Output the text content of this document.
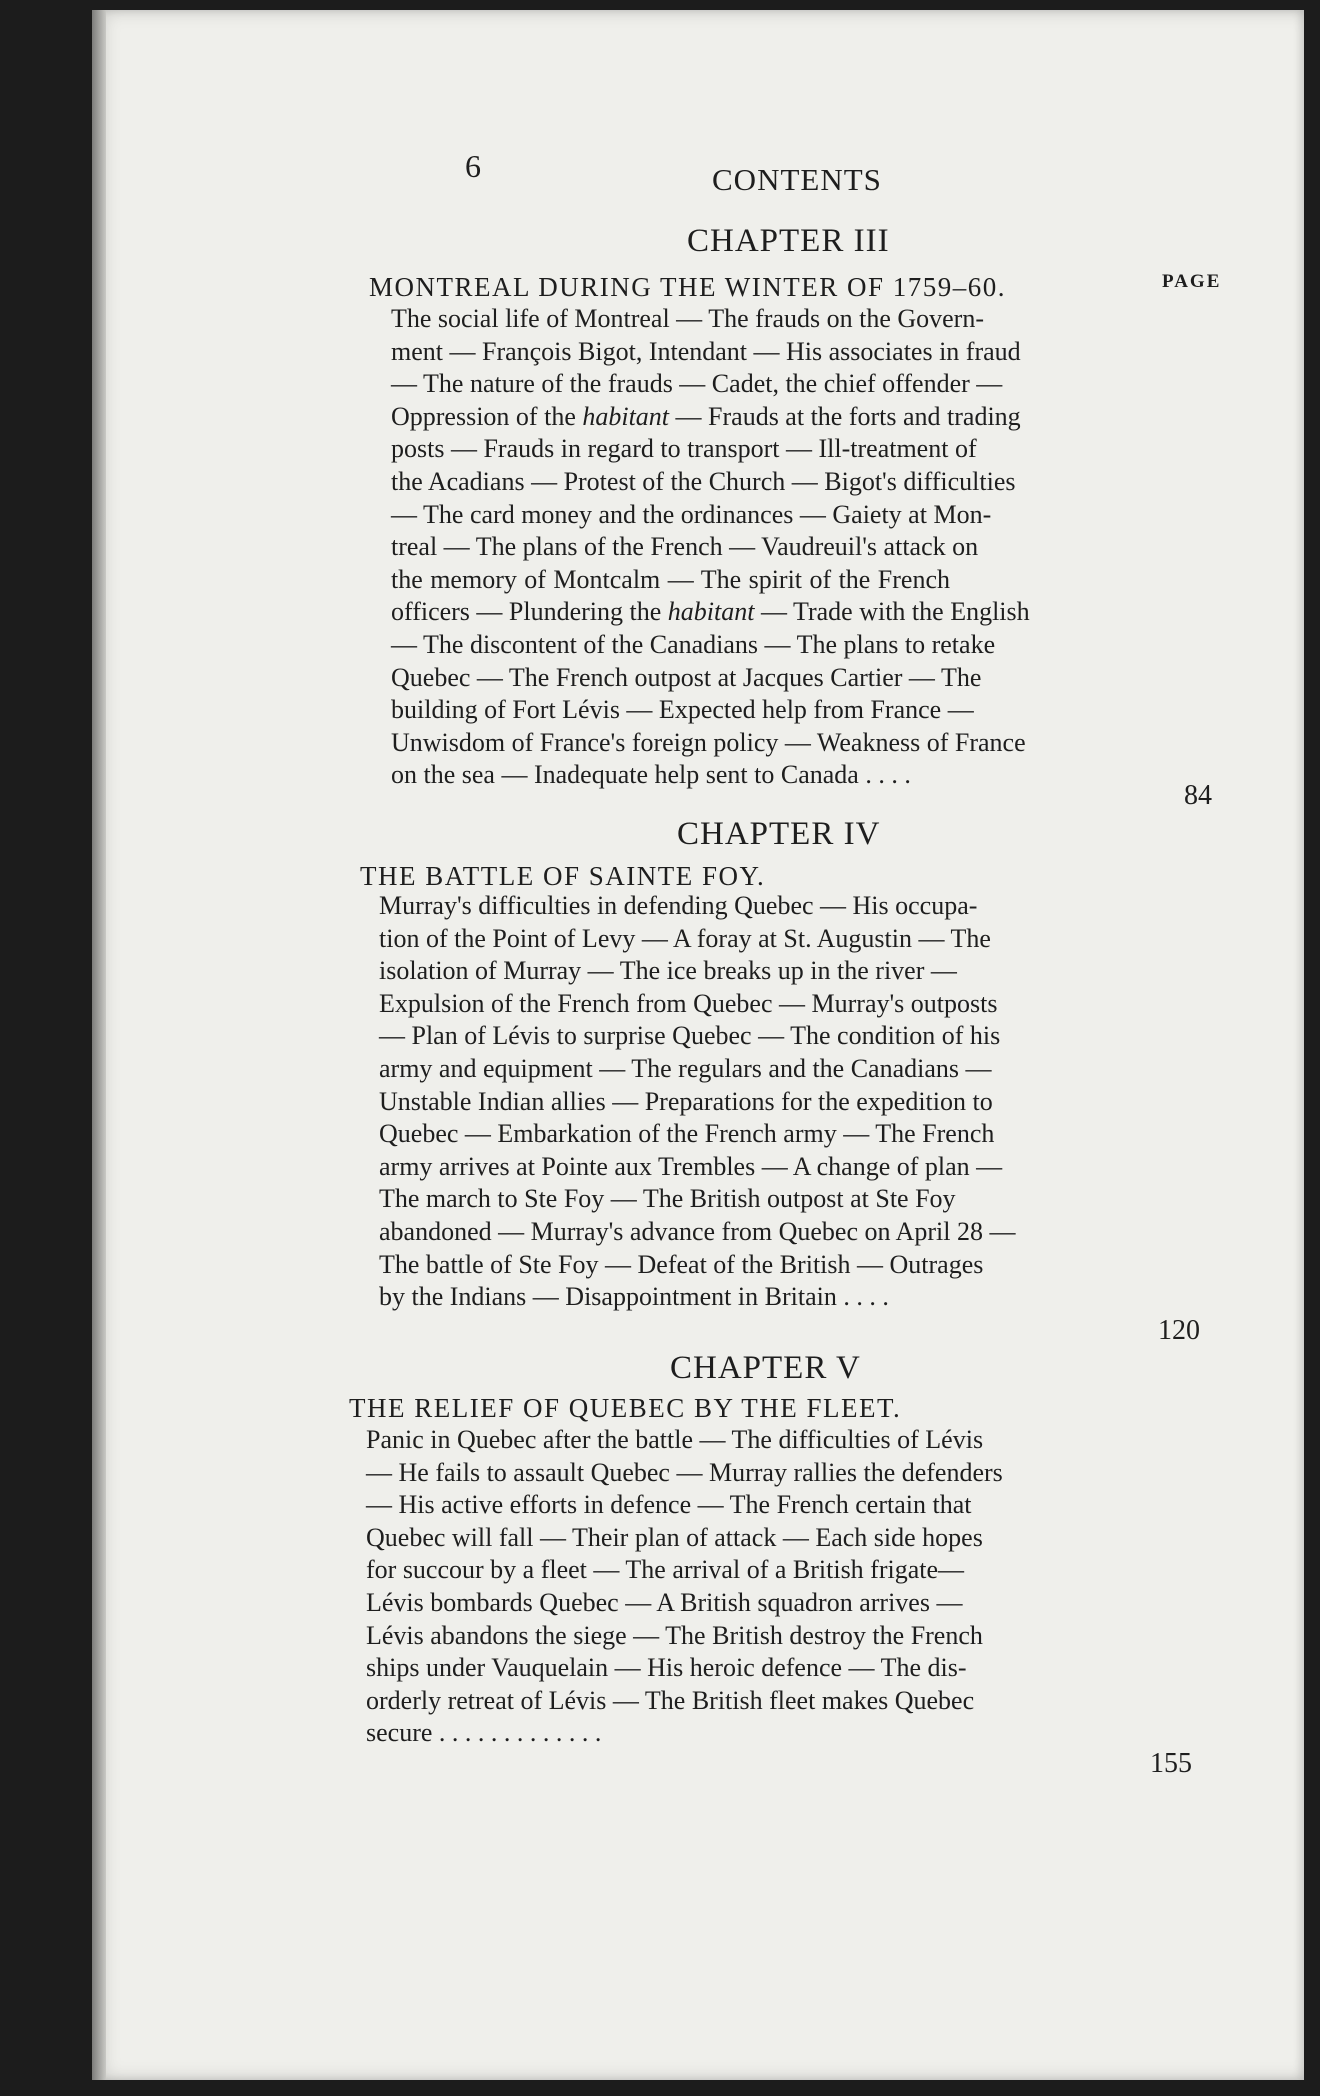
6	CONTENTS
PAGE
CHAPTER III
MONTREAL DURING THE WINTER OF 1759–60.
The social life of Montreal — The frauds on the Govern-
ment — François Bigot, Intendant — His associates in fraud
— The nature of the frauds — Cadet, the chief offender —
Oppression of the habitant — Frauds at the forts and trading
posts — Frauds in regard to transport — Ill-treatment of
the Acadians — Protest of the Church — Bigot's difficulties
— The card money and the ordinances — Gaiety at Mon-
treal — The plans of the French — Vaudreuil's attack on
the memory of Montcalm — The spirit of the French
officers — Plundering the habitant — Trade with the English
— The discontent of the Canadians — The plans to retake
Quebec — The French outpost at Jacques Cartier — The
building of Fort Lévis — Expected help from France —
Unwisdom of France's foreign policy — Weakness of France
on the sea — Inadequate help sent to Canada . . . .
84
CHAPTER IV
THE BATTLE OF SAINTE FOY.
Murray's difficulties in defending Quebec — His occupa-
tion of the Point of Levy — A foray at St. Augustin — The
isolation of Murray — The ice breaks up in the river —
Expulsion of the French from Quebec — Murray's outposts
— Plan of Lévis to surprise Quebec — The condition of his
army and equipment — The regulars and the Canadians —
Unstable Indian allies — Preparations for the expedition to
Quebec — Embarkation of the French army — The French
army arrives at Pointe aux Trembles — A change of plan —
The march to Ste Foy — The British outpost at Ste Foy
abandoned — Murray's advance from Quebec on April 28 —
The battle of Ste Foy — Defeat of the British — Outrages
by the Indians — Disappointment in Britain . . . .
120
CHAPTER V
THE RELIEF OF QUEBEC BY THE FLEET.
Panic in Quebec after the battle — The difficulties of Lévis
— He fails to assault Quebec — Murray rallies the defenders
— His active efforts in defence — The French certain that
Quebec will fall — Their plan of attack — Each side hopes
for succour by a fleet — The arrival of a British frigate—
Lévis bombards Quebec — A British squadron arrives —
Lévis abandons the siege — The British destroy the French
ships under Vauquelain — His heroic defence — The dis-
orderly retreat of Lévis — The British fleet makes Quebec
secure . . . . . . . . . . . . .
155
